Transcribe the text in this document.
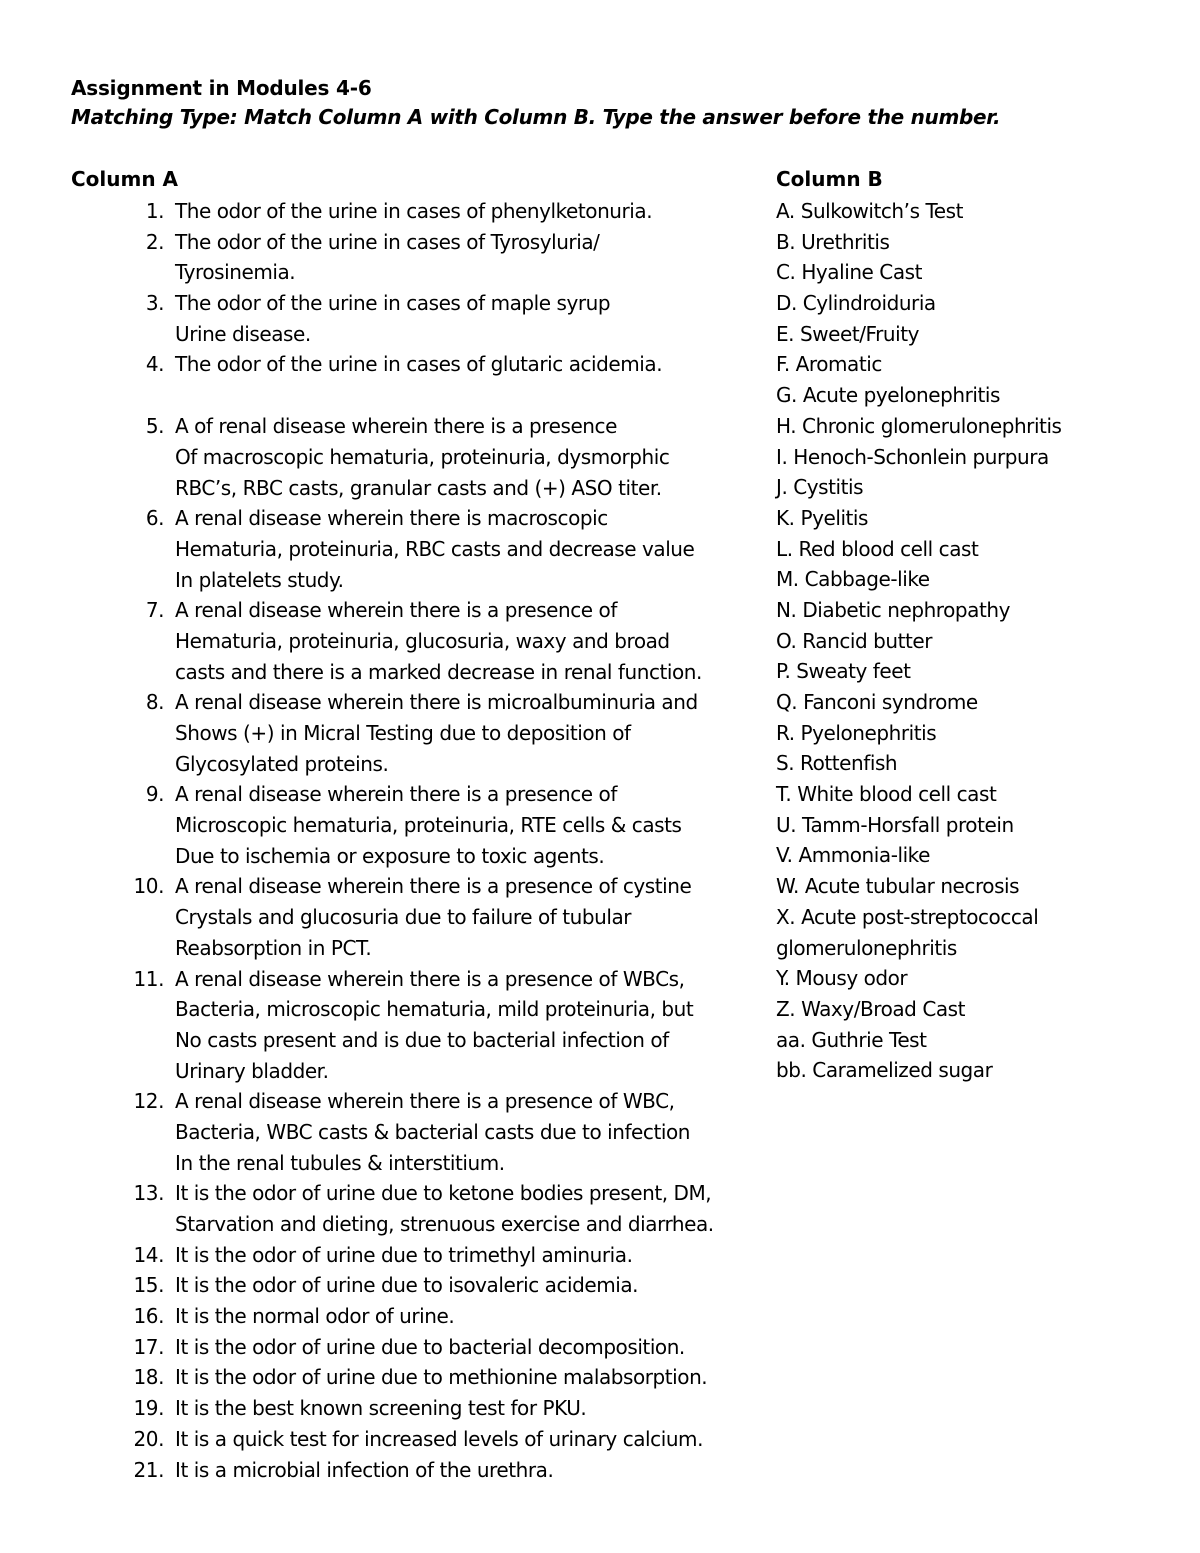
Assignment in Modules 4-6
Matching Type: Match Column A with Column B. Type the answer before the number.
Column A	Column B
1. The odor of the urine in cases of phenylketonuria.
2. The odor of the urine in cases of Tyrosyluria/
Tyrosinemia.
3. The odor of the urine in cases of maple syrup
Urine disease.
4. The odor of the urine in cases of glutaric acidemia.
5. A of renal disease wherein there is a presence
Of macroscopic hematuria, proteinuria, dysmorphic
RBC’s, RBC casts, granular casts and (+) ASO titer.
6. A renal disease wherein there is macroscopic
Hematuria, proteinuria, RBC casts and decrease value
In platelets study.
7. A renal disease wherein there is a presence of
Hematuria, proteinuria, glucosuria, waxy and broad
casts and there is a marked decrease in renal function.
8. A renal disease wherein there is microalbuminuria and
Shows (+) in Micral Testing due to deposition of
Glycosylated proteins.
9. A renal disease wherein there is a presence of
Microscopic hematuria, proteinuria, RTE cells & casts
Due to ischemia or exposure to toxic agents.
10. A renal disease wherein there is a presence of cystine
Crystals and glucosuria due to failure of tubular
Reabsorption in PCT.
11. A renal disease wherein there is a presence of WBCs,
Bacteria, microscopic hematuria, mild proteinuria, but
No casts present and is due to bacterial infection of
Urinary bladder.
12. A renal disease wherein there is a presence of WBC,
Bacteria, WBC casts & bacterial casts due to infection
In the renal tubules & interstitium.
13. It is the odor of urine due to ketone bodies present, DM,
Starvation and dieting, strenuous exercise and diarrhea.
14. It is the odor of urine due to trimethyl aminuria.
15. It is the odor of urine due to isovaleric acidemia.
16. It is the normal odor of urine.
17. It is the odor of urine due to bacterial decomposition.
18. It is the odor of urine due to methionine malabsorption.
19. It is the best known screening test for PKU.
20. It is a quick test for increased levels of urinary calcium.
21. It is a microbial infection of the urethra.
A. Sulkowitch’s Test
B. Urethritis
C. Hyaline Cast
D. Cylindroiduria
E. Sweet/Fruity
F. Aromatic
G. Acute pyelonephritis
H. Chronic glomerulonephritis
I. Henoch-Schonlein purpura
J. Cystitis
K. Pyelitis
L. Red blood cell cast
M. Cabbage-like
N. Diabetic nephropathy
O. Rancid butter
P. Sweaty feet
Q. Fanconi syndrome
R. Pyelonephritis
S. Rottenfish
T. White blood cell cast
U. Tamm-Horsfall protein
V. Ammonia-like
W. Acute tubular necrosis
X. Acute post-streptococcal
glomerulonephritis
Y. Mousy odor
Z. Waxy/Broad Cast
aa. Guthrie Test
bb. Caramelized sugar
